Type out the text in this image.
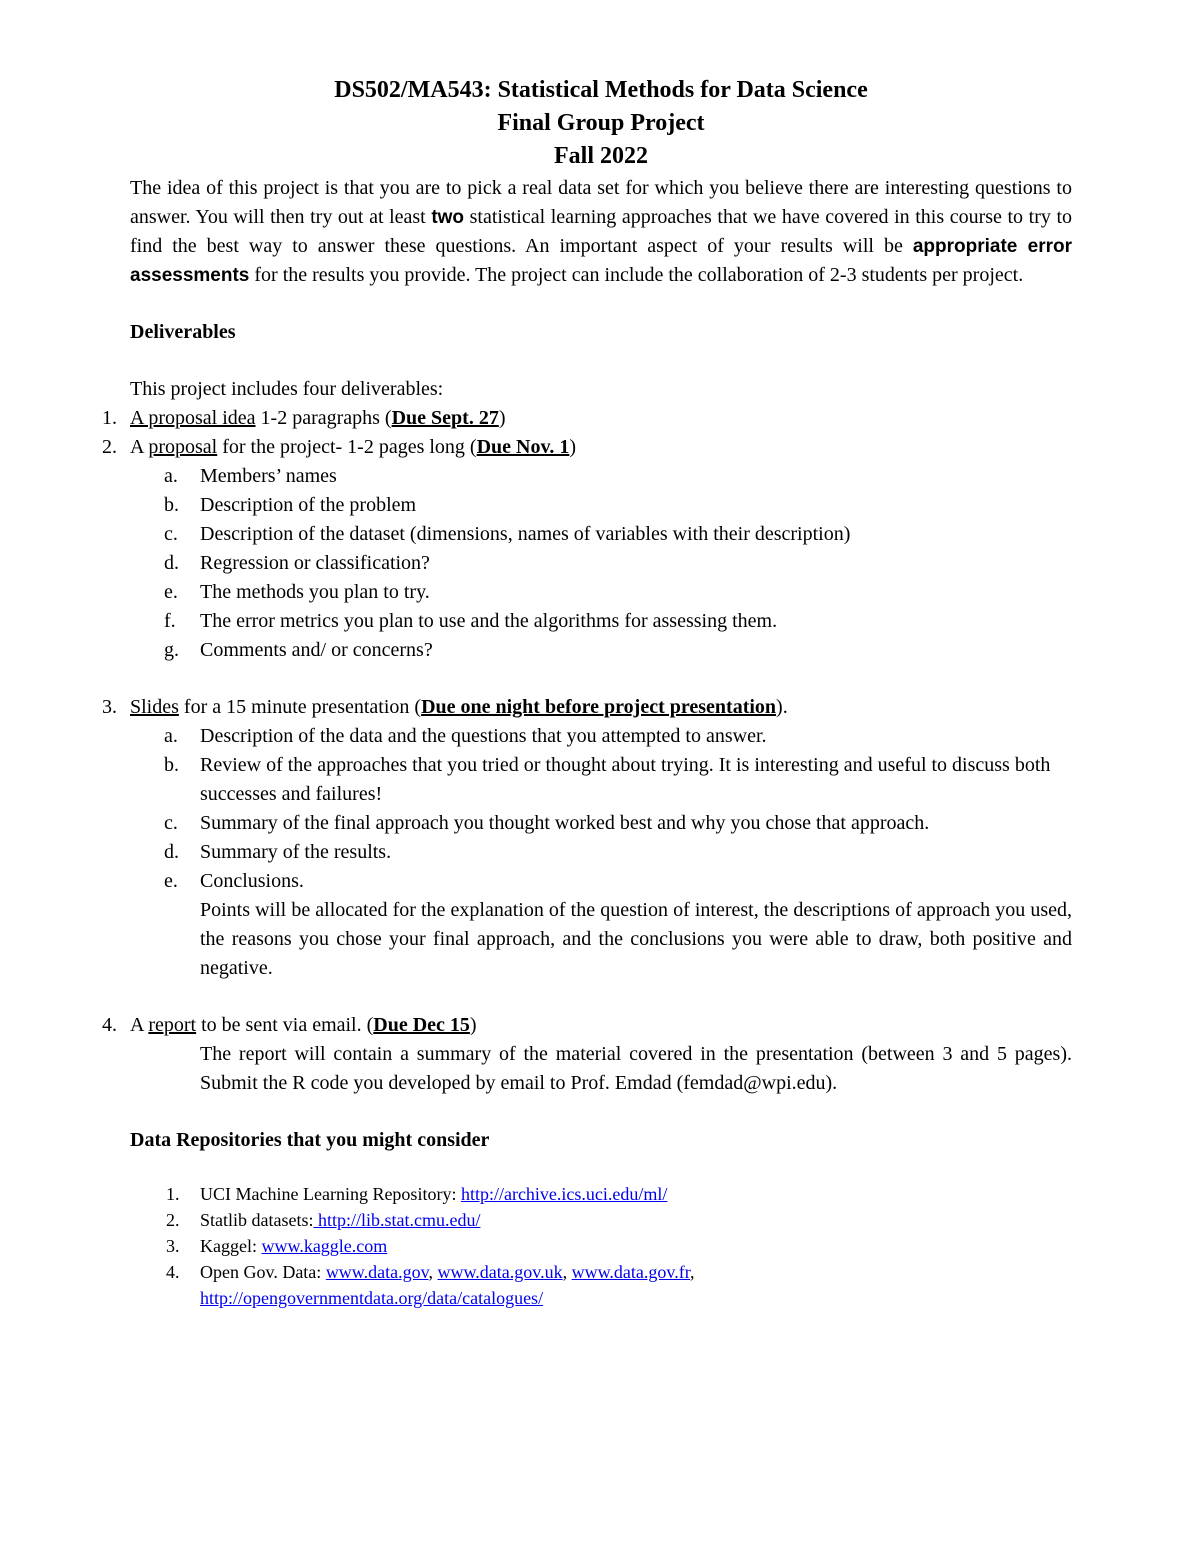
DS502/MA543: Statistical Methods for Data Science
Final Group Project
Fall 2022
The idea of this project is that you are to pick a real data set for which you believe there are interesting questions to answer. You will then try out at least two statistical learning approaches that we have covered in this course to try to find the best way to answer these questions. An important aspect of your results will be appropriate error assessments for the results you provide. The project can include the collaboration of 2-3 students per project.
Deliverables
This project includes four deliverables:
1. A proposal idea 1-2 paragraphs (Due Sept. 27)
2. A proposal for the project- 1-2 pages long (Due Nov. 1)
a. Members’ names
b. Description of the problem
c. Description of the dataset (dimensions, names of variables with their description)
d. Regression or classification?
e. The methods you plan to try.
f. The error metrics you plan to use and the algorithms for assessing them.
g. Comments and/ or concerns?
3. Slides for a 15 minute presentation (Due one night before project presentation).
a. Description of the data and the questions that you attempted to answer.
b. Review of the approaches that you tried or thought about trying. It is interesting and useful to discuss both successes and failures!
c. Summary of the final approach you thought worked best and why you chose that approach.
d. Summary of the results.
e. Conclusions.
Points will be allocated for the explanation of the question of interest, the descriptions of approach you used, the reasons you chose your final approach, and the conclusions you were able to draw, both positive and negative.
4. A report to be sent via email. (Due Dec 15)
The report will contain a summary of the material covered in the presentation (between 3 and 5 pages). Submit the R code you developed by email to Prof. Emdad (femdad@wpi.edu).
Data Repositories that you might consider
1. UCI Machine Learning Repository: http://archive.ics.uci.edu/ml/
2. Statlib datasets: http://lib.stat.cmu.edu/
3. Kaggel: www.kaggle.com
4. Open Gov. Data: www.data.gov, www.data.gov.uk, www.data.gov.fr,
http://opengovernmentdata.org/data/catalogues/
